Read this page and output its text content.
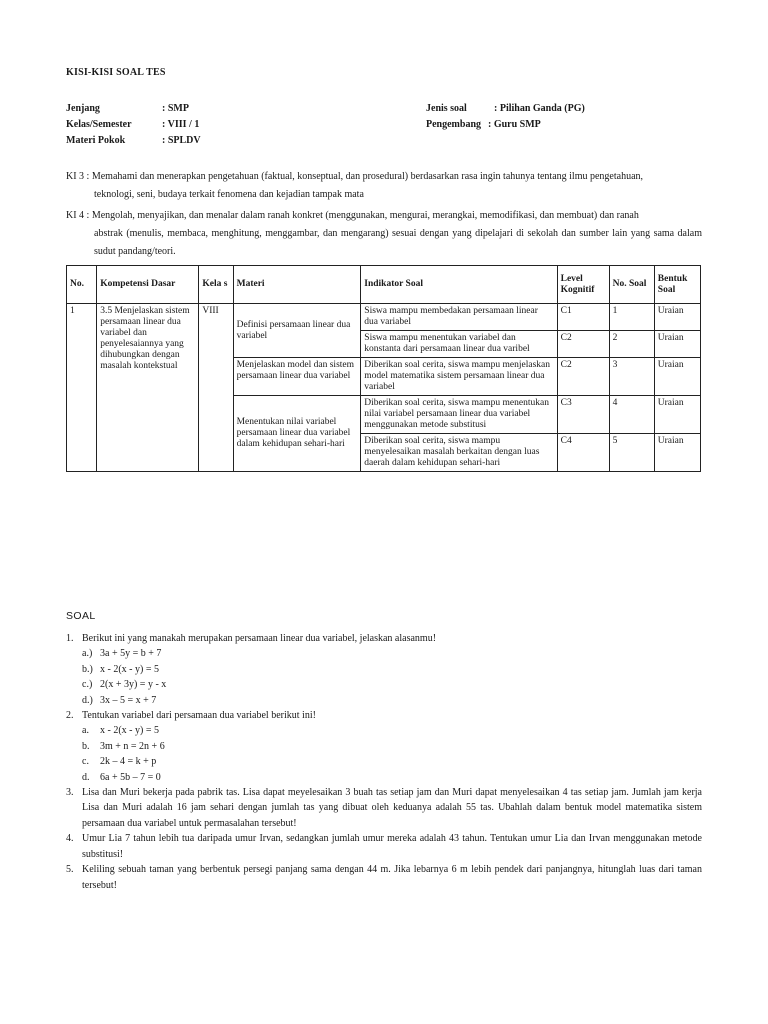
KISI-KISI SOAL TES
Jenjang	: SMP
Kelas/Semester	: VIII / 1
Materi Pokok	: SPLDV
Jenis soal	: Pilihan Ganda (PG)
Pengembang : Guru SMP
KI 3 : Memahami dan menerapkan pengetahuan (faktual, konseptual, dan prosedural) berdasarkan rasa ingin tahunya tentang ilmu pengetahuan,
teknologi, seni, budaya terkait fenomena dan kejadian tampak mata
KI 4 : Mengolah, menyajikan, dan menalar dalam ranah konkret (menggunakan, mengurai, merangkai, memodifikasi, dan membuat) dan ranah
abstrak (menulis, membaca, menghitung, menggambar, dan mengarang) sesuai dengan yang dipelajari di sekolah dan sumber lain yang sama dalam sudut pandang/teori.
No.	Kompetensi Dasar	Kela s	Materi	Indikator Soal	Level Kognitif	No. Soal	Bentuk Soal
1	3.5 Menjelaskan sistem persamaan linear dua variabel dan penyelesaiannya yang dihubungkan dengan masalah kontekstual	VIII	Definisi persamaan linear dua variabel	Siswa mampu membedakan persamaan linear dua variabel	C1	1	Uraian
				Siswa mampu menentukan variabel dan konstanta dari persamaan linear dua varibel	C2	2	Uraian
			Menjelaskan model dan sistem persamaan linear dua variabel	Diberikan soal cerita, siswa mampu menjelaskan model matematika sistem persamaan linear dua variabel	C2	3	Uraian
			Menentukan nilai variabel persamaan linear dua variabel dalam kehidupan sehari-hari	Diberikan soal cerita, siswa mampu menentukan nilai variabel persamaan linear dua variabel menggunakan metode substitusi	C3	4	Uraian
				Diberikan soal cerita, siswa mampu menyelesaikan masalah berkaitan dengan luas daerah dalam kehidupan sehari-hari	C4	5	Uraian
SOAL
1. Berikut ini yang manakah merupakan persamaan linear dua variabel, jelaskan alasanmu!
a.) 3a + 5y = b + 7
b.) x - 2(x - y) = 5
c.) 2(x + 3y) = y - x
d.) 3x – 5 = x + 7
2. Tentukan variabel dari persamaan dua variabel berikut ini!
a.	x - 2(x - y) = 5
b.	3m + n = 2n + 6
c.	2k – 4 = k + p
d.	6a + 5b – 7 = 0
3. Lisa dan Muri bekerja pada pabrik tas. Lisa dapat meyelesaikan 3 buah tas setiap jam dan Muri dapat menyelesaikan 4 tas setiap jam. Jumlah jam kerja Lisa dan Muri adalah 16 jam sehari dengan jumlah tas yang dibuat oleh keduanya adalah 55 tas. Ubahlah dalam bentuk model matematika sistem persamaan dua variabel untuk permasalahan tersebut!
4. Umur Lia 7 tahun lebih tua daripada umur Irvan, sedangkan jumlah umur mereka adalah 43 tahun. Tentukan umur Lia dan Irvan menggunakan metode substitusi!
5. Keliling sebuah taman yang berbentuk persegi panjang sama dengan 44 m. Jika lebarnya 6 m lebih pendek dari panjangnya, hitunglah luas dari taman tersebut!
